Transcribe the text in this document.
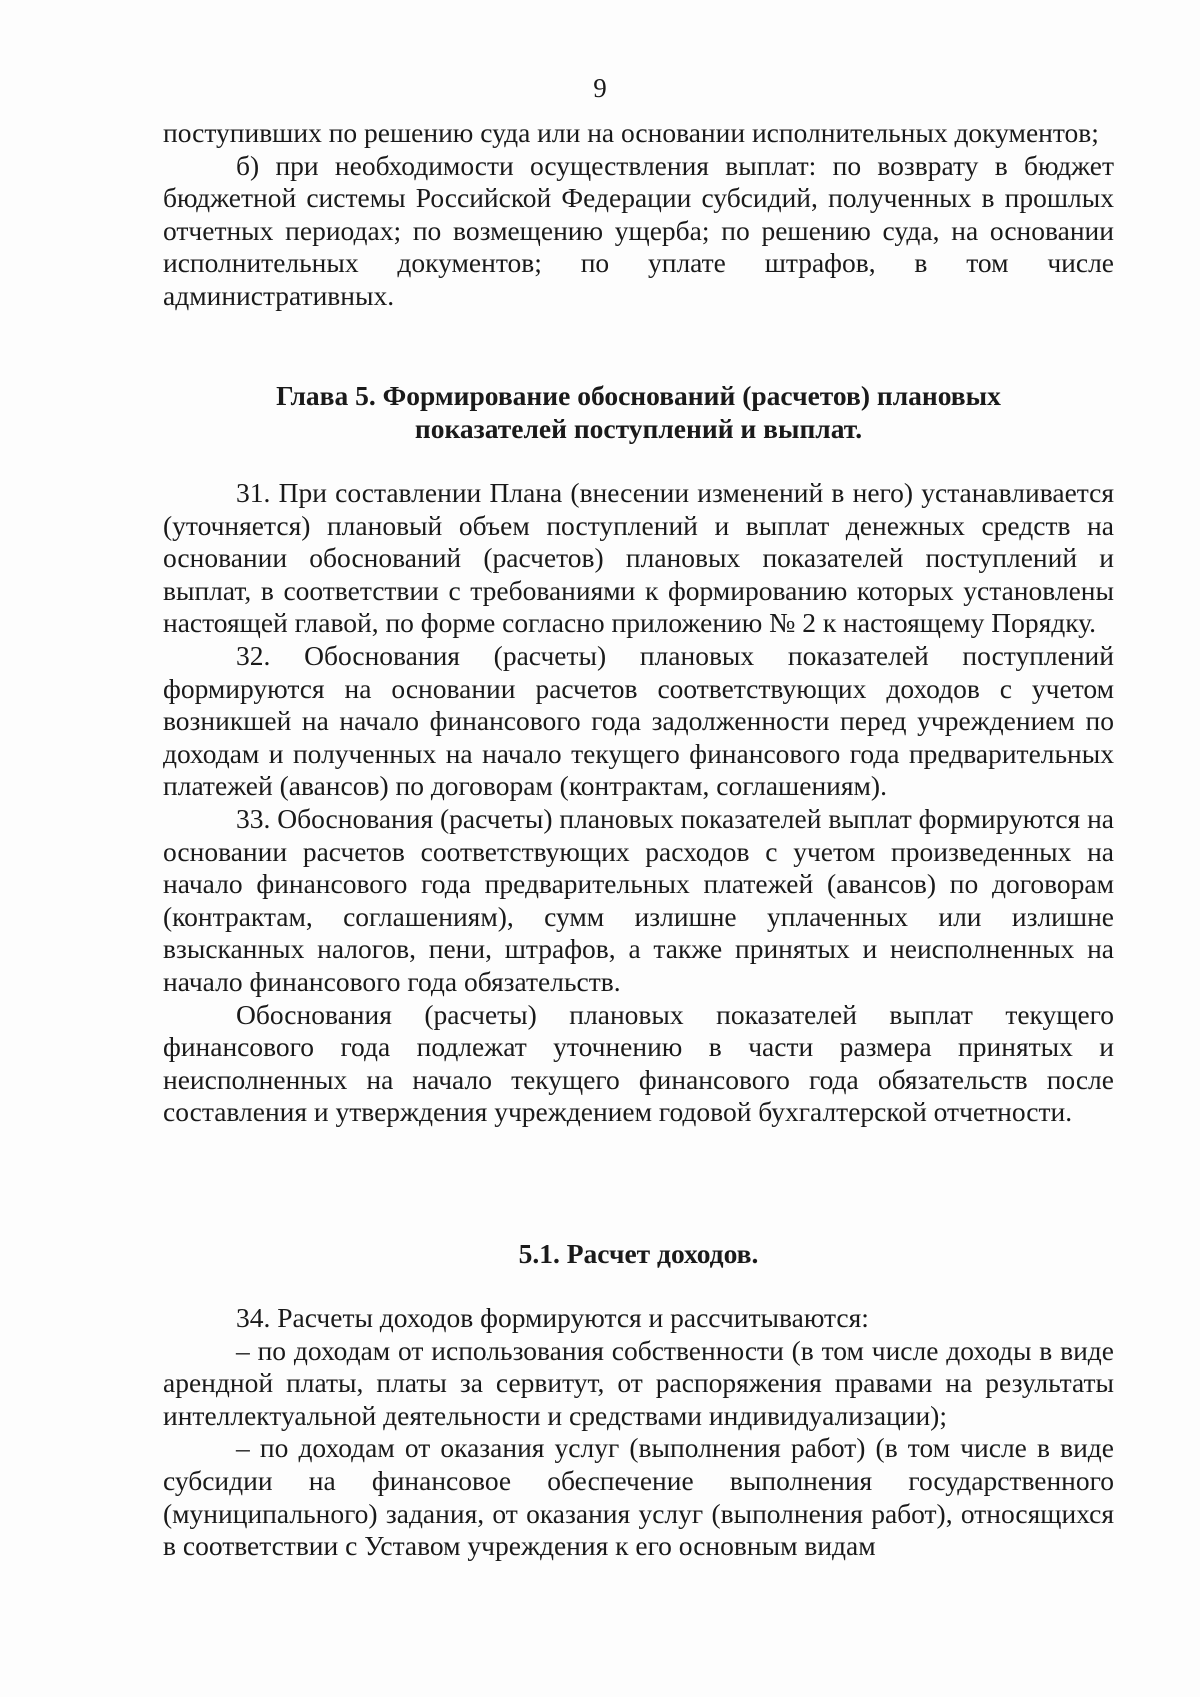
9

поступивших по решению суда или на основании исполнительных документов;

б) при необходимости осуществления выплат: по возврату в бюджет бюджетной системы Российской Федерации субсидий, полученных в прошлых отчетных периодах; по возмещению ущерба; по решению суда, на основании исполнительных документов; по уплате штрафов, в том числе административных.

Глава 5. Формирование обоснований (расчетов) плановых

показателей поступлений и выплат.

31. При составлении Плана (внесении изменений в него) устанавливается (уточняется) плановый объем поступлений и выплат денежных средств на основании обоснований (расчетов) плановых показателей поступлений и выплат, в соответствии с требованиями к формированию которых установлены настоящей главой, по форме согласно приложению № 2 к настоящему Порядку.

32. Обоснования (расчеты) плановых показателей поступлений формируются на основании расчетов соответствующих доходов с учетом возникшей на начало финансового года задолженности перед учреждением по доходам и полученных на начало текущего финансового года предварительных платежей (авансов) по договорам (контрактам, соглашениям).

33. Обоснования (расчеты) плановых показателей выплат формируются на основании расчетов соответствующих расходов с учетом произведенных на начало финансового года предварительных платежей (авансов) по договорам (контрактам, соглашениям), сумм излишне уплаченных или излишне взысканных налогов, пени, штрафов, а также принятых и неисполненных на начало финансового года обязательств.

Обоснования (расчеты) плановых показателей выплат текущего финансового года подлежат уточнению в части размера принятых и неисполненных на начало текущего финансового года обязательств после составления и утверждения учреждением годовой бухгалтерской отчетности.

5.1. Расчет доходов.

34. Расчеты доходов формируются и рассчитываются:

– по доходам от использования собственности (в том числе доходы в виде арендной платы, платы за сервитут, от распоряжения правами на результаты интеллектуальной деятельности и средствами индивидуализации);

– по доходам от оказания услуг (выполнения работ) (в том числе в виде субсидии на финансовое обеспечение выполнения государственного (муниципального) задания, от оказания услуг (выполнения работ), относящихся в соответствии с Уставом учреждения к его основным видам
